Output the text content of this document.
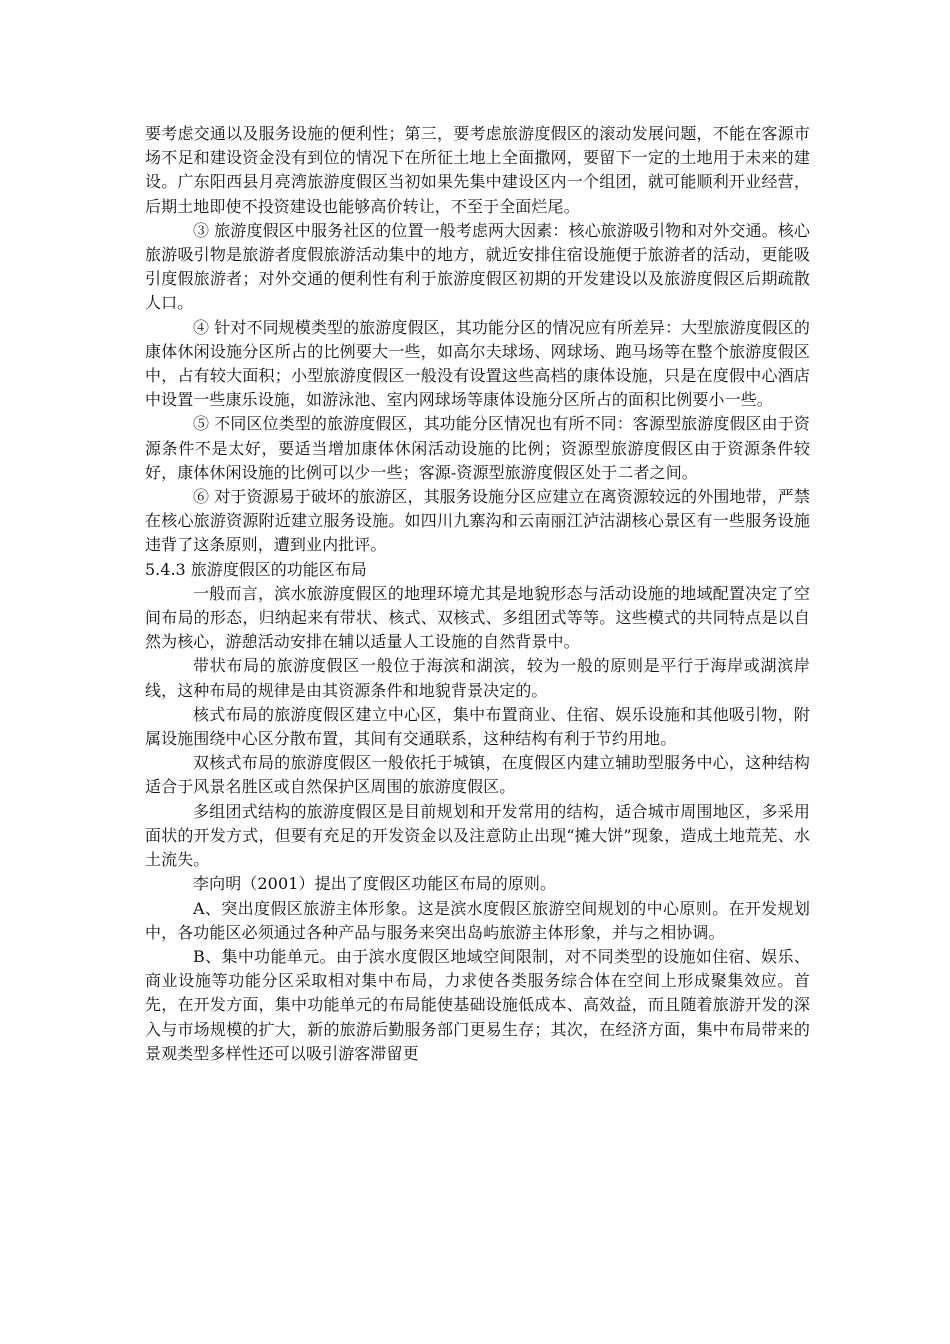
要考虑交通以及服务设施的便利性；第三，要考虑旅游度假区的滚动发展问题，不能在客源市场不足和建设资金没有到位的情况下在所征土地上全面撒网，要留下一定的土地用于未来的建设。广东阳西县月亮湾旅游度假区当初如果先集中建设区内一个组团，就可能顺利开业经营，后期土地即使不投资建设也能够高价转让，不至于全面烂尾。

③ 旅游度假区中服务社区的位置一般考虑两大因素：核心旅游吸引物和对外交通。核心旅游吸引物是旅游者度假旅游活动集中的地方，就近安排住宿设施便于旅游者的活动，更能吸引度假旅游者；对外交通的便利性有利于旅游度假区初期的开发建设以及旅游度假区后期疏散人口。

④ 针对不同规模类型的旅游度假区，其功能分区的情况应有所差异：大型旅游度假区的康体休闲设施分区所占的比例要大一些，如高尔夫球场、网球场、跑马场等在整个旅游度假区中，占有较大面积；小型旅游度假区一般没有设置这些高档的康体设施，只是在度假中心酒店中设置一些康乐设施，如游泳池、室内网球场等康体设施分区所占的面积比例要小一些。

⑤ 不同区位类型的旅游度假区，其功能分区情况也有所不同：客源型旅游度假区由于资源条件不是太好，要适当增加康体休闲活动设施的比例；资源型旅游度假区由于资源条件较好，康体休闲设施的比例可以少一些；客源-资源型旅游度假区处于二者之间。

⑥ 对于资源易于破坏的旅游区，其服务设施分区应建立在离资源较远的外围地带，严禁在核心旅游资源附近建立服务设施。如四川九寨沟和云南丽江泸沽湖核心景区有一些服务设施违背了这条原则，遭到业内批评。

5.4.3 旅游度假区的功能区布局

一般而言，滨水旅游度假区的地理环境尤其是地貌形态与活动设施的地域配置决定了空间布局的形态，归纳起来有带状、核式、双核式、多组团式等等。这些模式的共同特点是以自然为核心，游憩活动安排在辅以适量人工设施的自然背景中。

带状布局的旅游度假区一般位于海滨和湖滨，较为一般的原则是平行于海岸或湖滨岸线，这种布局的规律是由其资源条件和地貌背景决定的。

核式布局的旅游度假区建立中心区，集中布置商业、住宿、娱乐设施和其他吸引物，附属设施围绕中心区分散布置，其间有交通联系，这种结构有利于节约用地。

双核式布局的旅游度假区一般依托于城镇，在度假区内建立辅助型服务中心，这种结构适合于风景名胜区或自然保护区周围的旅游度假区。

多组团式结构的旅游度假区是目前规划和开发常用的结构，适合城市周围地区，多采用面状的开发方式，但要有充足的开发资金以及注意防止出现“摊大饼”现象，造成土地荒芜、水土流失。

李向明（2001）提出了度假区功能区布局的原则。

A、突出度假区旅游主体形象。这是滨水度假区旅游空间规划的中心原则。在开发规划中，各功能区必须通过各种产品与服务来突出岛屿旅游主体形象，并与之相协调。

B、集中功能单元。由于滨水度假区地域空间限制，对不同类型的设施如住宿、娱乐、商业设施等功能分区采取相对集中布局，力求使各类服务综合体在空间上形成聚集效应。首先，在开发方面，集中功能单元的布局能使基础设施低成本、高效益，而且随着旅游开发的深入与市场规模的扩大，新的旅游后勤服务部门更易生存；其次，在经济方面，集中布局带来的景观类型多样性还可以吸引游客滞留更
